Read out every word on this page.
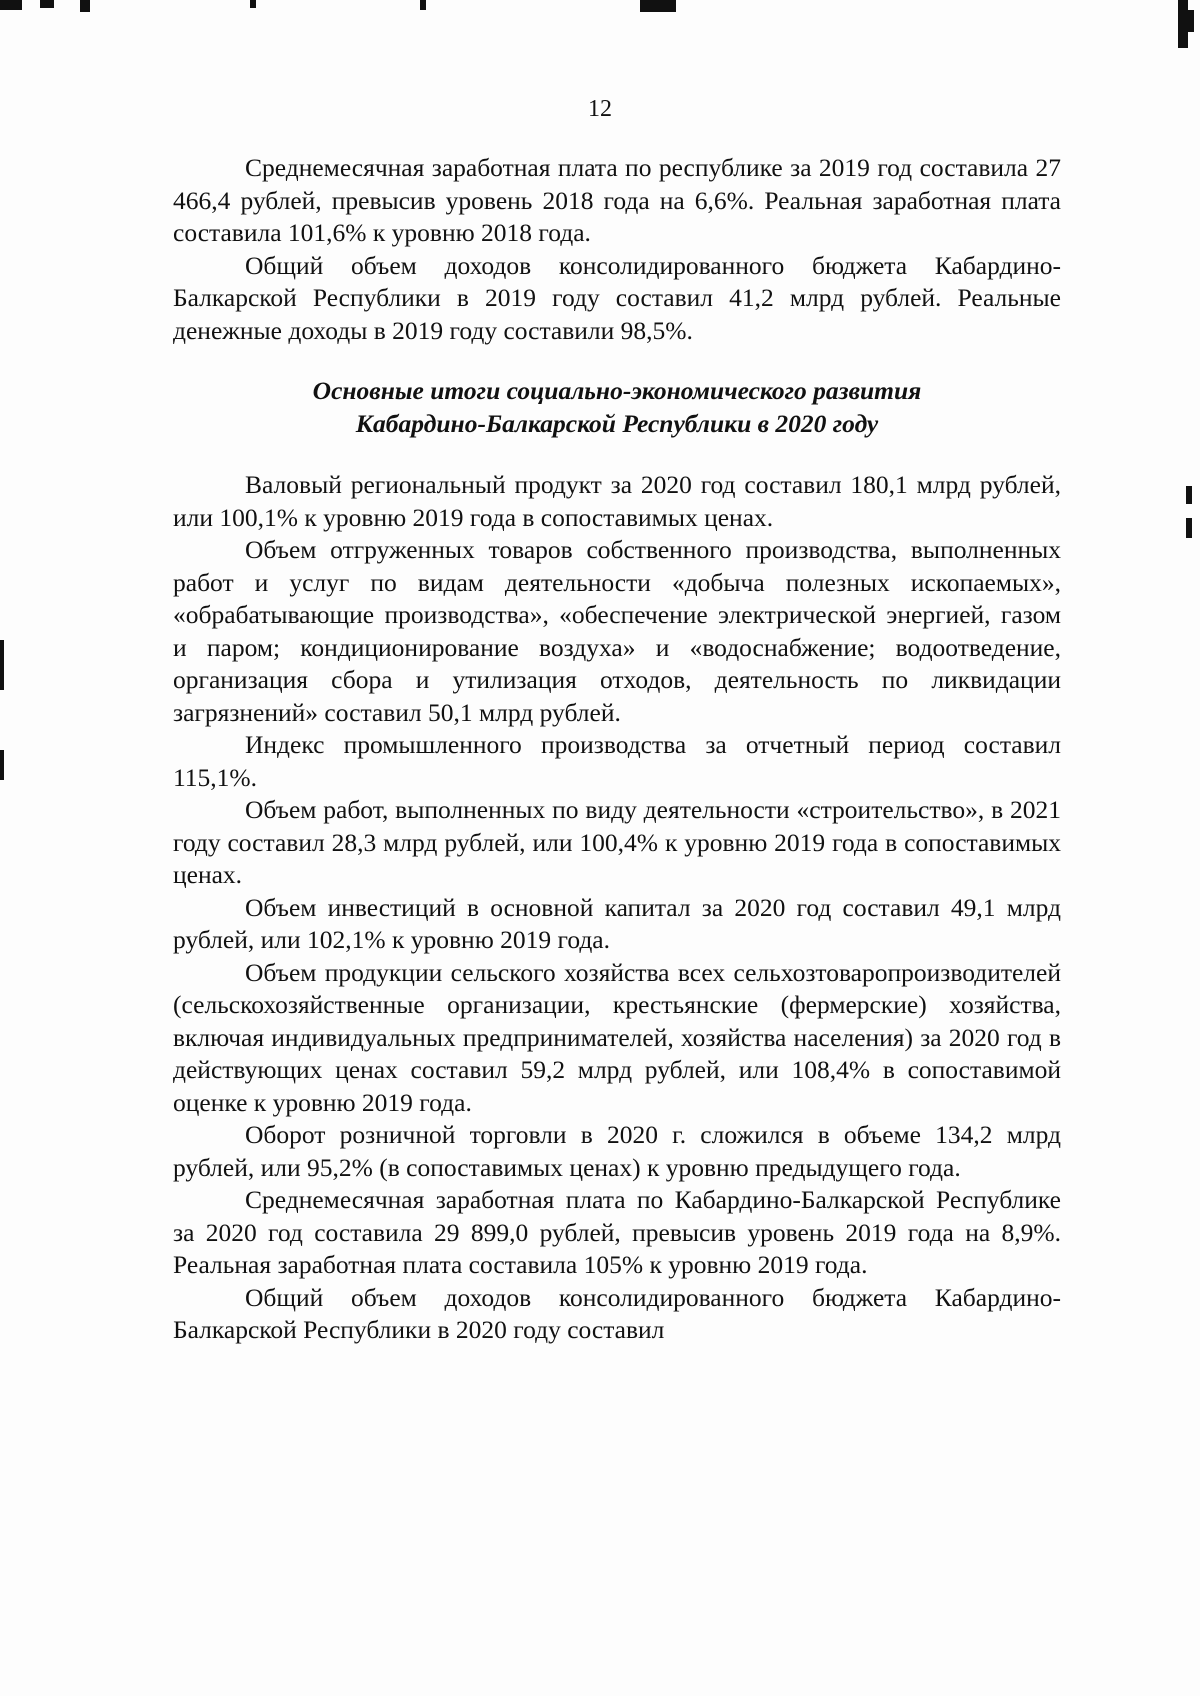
12

Среднемесячная заработная плата по республике за 2019 год составила 27 466,4 рублей, превысив уровень 2018 года на 6,6%. Реальная заработная плата составила 101,6% к уровню 2018 года.

Общий объем доходов консолидированного бюджета Кабардино-Балкарской Республики в 2019 году составил 41,2 млрд рублей. Реальные денежные доходы в 2019 году составили 98,5%.

Основные итоги социально-экономического развития
Кабардино-Балкарской Республики в 2020 году

Валовый региональный продукт за 2020 год составил 180,1 млрд рублей, или 100,1% к уровню 2019 года в сопоставимых ценах.

Объем отгруженных товаров собственного производства, выполненных работ и услуг по видам деятельности «добыча полезных ископаемых», «обрабатывающие производства», «обеспечение электрической энергией, газом и паром; кондиционирование воздуха» и «водоснабжение; водоотведение, организация сбора и утилизация отходов, деятельность по ликвидации загрязнений» составил 50,1 млрд рублей.

Индекс промышленного производства за отчетный период составил 115,1%.

Объем работ, выполненных по виду деятельности «строительство», в 2021 году составил 28,3 млрд рублей, или 100,4% к уровню 2019 года в сопоставимых ценах.

Объем инвестиций в основной капитал за 2020 год составил 49,1 млрд рублей, или 102,1% к уровню 2019 года.

Объем продукции сельского хозяйства всех сельхозтоваропроизводителей (сельскохозяйственные организации, крестьянские (фермерские) хозяйства, включая индивидуальных предпринимателей, хозяйства населения) за 2020 год в действующих ценах составил 59,2 млрд рублей, или 108,4% в сопоставимой оценке к уровню 2019 года.

Оборот розничной торговли в 2020 г. сложился в объеме 134,2 млрд рублей, или 95,2% (в сопоставимых ценах) к уровню предыдущего года.

Среднемесячная заработная плата по Кабардино-Балкарской Республике за 2020 год составила 29 899,0 рублей, превысив уровень 2019 года на 8,9%. Реальная заработная плата составила 105% к уровню 2019 года.

Общий объем доходов консолидированного бюджета Кабардино-Балкарской Республики в 2020 году составил
